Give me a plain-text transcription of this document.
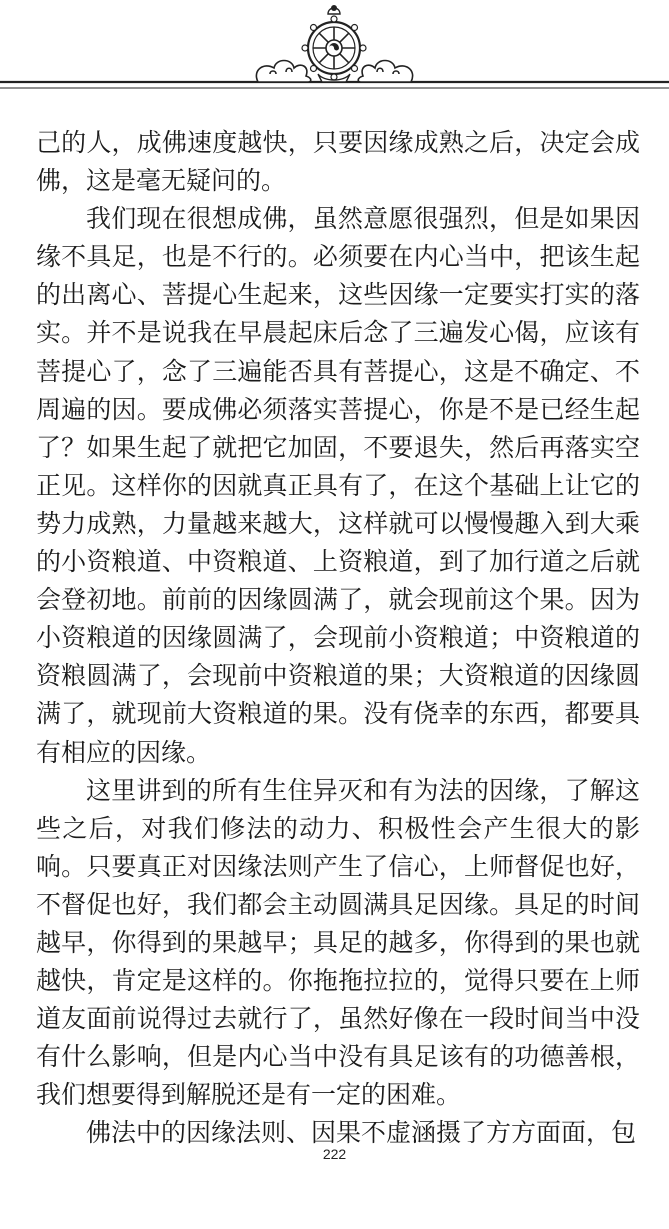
己的人，成佛速度越快，只要因缘成熟之后，决定会成佛，这是毫无疑问的。

我们现在很想成佛，虽然意愿很强烈，但是如果因缘不具足，也是不行的。必须要在内心当中，把该生起的出离心、菩提心生起来，这些因缘一定要实打实的落实。并不是说我在早晨起床后念了三遍发心偈，应该有菩提心了，念了三遍能否具有菩提心，这是不确定、不周遍的因。要成佛必须落实菩提心，你是不是已经生起了？如果生起了就把它加固，不要退失，然后再落实空正见。这样你的因就真正具有了，在这个基础上让它的势力成熟，力量越来越大，这样就可以慢慢趣入到大乘的小资粮道、中资粮道、上资粮道，到了加行道之后就会登初地。前前的因缘圆满了，就会现前这个果。因为小资粮道的因缘圆满了，会现前小资粮道；中资粮道的资粮圆满了，会现前中资粮道的果；大资粮道的因缘圆满了，就现前大资粮道的果。没有侥幸的东西，都要具有相应的因缘。

这里讲到的所有生住异灭和有为法的因缘，了解这些之后，对我们修法的动力、积极性会产生很大的影响。只要真正对因缘法则产生了信心，上师督促也好，不督促也好，我们都会主动圆满具足因缘。具足的时间越早，你得到的果越早；具足的越多，你得到的果也就越快，肯定是这样的。你拖拖拉拉的，觉得只要在上师道友面前说得过去就行了，虽然好像在一段时间当中没有什么影响，但是内心当中没有具足该有的功德善根，我们想要得到解脱还是有一定的困难。

佛法中的因缘法则、因果不虚涵摄了方方面面，包

222
